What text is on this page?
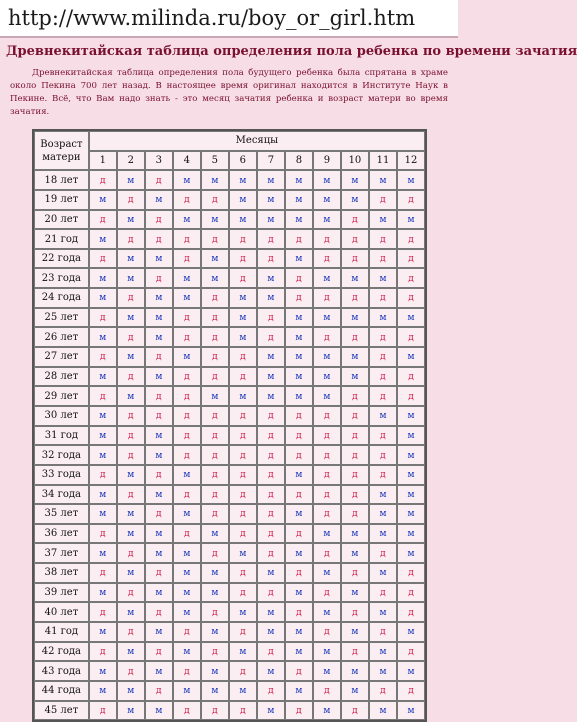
http://www.milinda.ru/boy_or_girl.htm
Древнекитайская таблица определения пола ребенка по времени зачатия

Древнекитайская таблица определения пола будущего ребенка была спрятана в храме около Пекина 700 лет назад. В настоящее время оригинал находится в Институте Наук в Пекине. Всё, что Вам надо знать - это месяц зачатия ребенка и возраст матери во время зачатия.

Возраст матери	Месяцы											
	1	2	3	4	5	6	7	8	9	10	11	12
18 лет	д	м	д	м	м	м	м	м	м	м	м	м
19 лет	м	д	м	д	д	м	м	м	м	м	д	д
20 лет	д	м	д	м	м	м	м	м	м	д	м	м
21 год	м	д	д	д	д	д	д	д	д	д	д	д
22 года	д	м	м	д	м	д	д	м	д	д	д	д
23 года	м	м	д	м	м	д	м	д	м	м	м	д
24 года	м	д	м	м	д	м	м	д	д	д	д	д
25 лет	д	м	м	д	д	м	д	м	м	м	м	м
26 лет	м	д	м	д	д	м	д	м	д	д	д	д
27 лет	д	м	д	м	д	д	м	м	м	м	д	м
28 лет	м	д	м	д	д	д	м	м	м	м	д	д
29 лет	д	м	д	д	м	м	м	м	м	д	д	д
30 лет	м	д	д	д	д	д	д	д	д	д	м	м
31 год	м	д	м	д	д	д	д	д	д	д	д	м
32 года	м	д	м	д	д	д	д	д	д	д	д	м
33 года	д	м	д	м	д	д	д	м	д	д	д	м
34 года	м	д	м	д	д	д	д	д	д	д	м	м
35 лет	м	м	д	м	д	д	д	м	д	д	м	м
36 лет	д	м	м	д	м	д	д	д	м	м	м	м
37 лет	м	д	м	м	д	м	д	м	д	м	д	м
38 лет	д	м	д	м	м	д	м	д	м	д	м	д
39 лет	м	д	м	м	м	д	д	м	д	м	д	д
40 лет	д	м	д	м	д	м	м	д	м	д	м	д
41 год	м	д	м	д	м	д	м	м	д	м	д	м
42 года	д	м	д	м	д	м	д	м	м	д	м	д
43 года	м	д	м	д	м	д	м	д	м	м	м	м
44 года	м	м	д	м	м	м	д	м	д	м	д	д
45 лет	д	м	м	д	д	д	м	д	м	д	м	м
